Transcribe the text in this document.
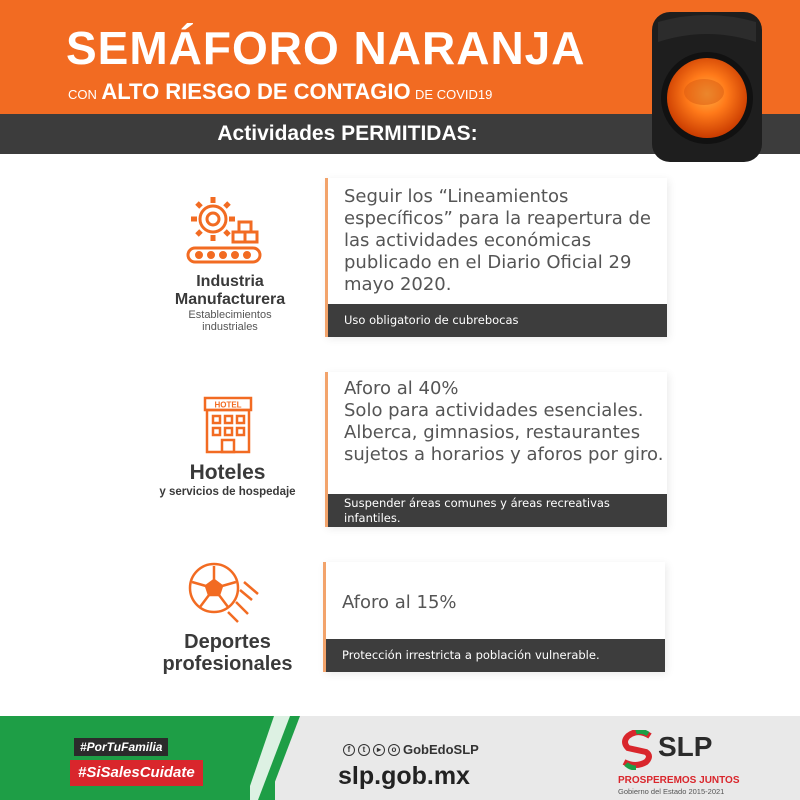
SEMÁFORO NARANJA
CON ALTO RIESGO DE CONTAGIO DE COVID19
Actividades PERMITIDAS:
Industria Manufacturera
Establecimientos industriales
Seguir los “Lineamientos específicos” para la reapertura de las actividades económicas publicado en el Diario Oficial 29 mayo 2020.
Uso obligatorio de cubrebocas
HOTEL
Hoteles
y servicios de hospedaje
Aforo al 40%
Solo para actividades esenciales.
Alberca, gimnasios, restaurantes sujetos a horarios y aforos por giro.
Suspender áreas comunes y áreas recreativas infantiles.
Deportes profesionales
Aforo al 15%
Protección irrestricta a población vulnerable.
#PorTuFamilia
#SiSalesCuidate
f	t	▸	o GobEdoSLP
slp.gob.mx
SLP
PROSPEREMOS JUNTOS
Gobierno del Estado 2015-2021
